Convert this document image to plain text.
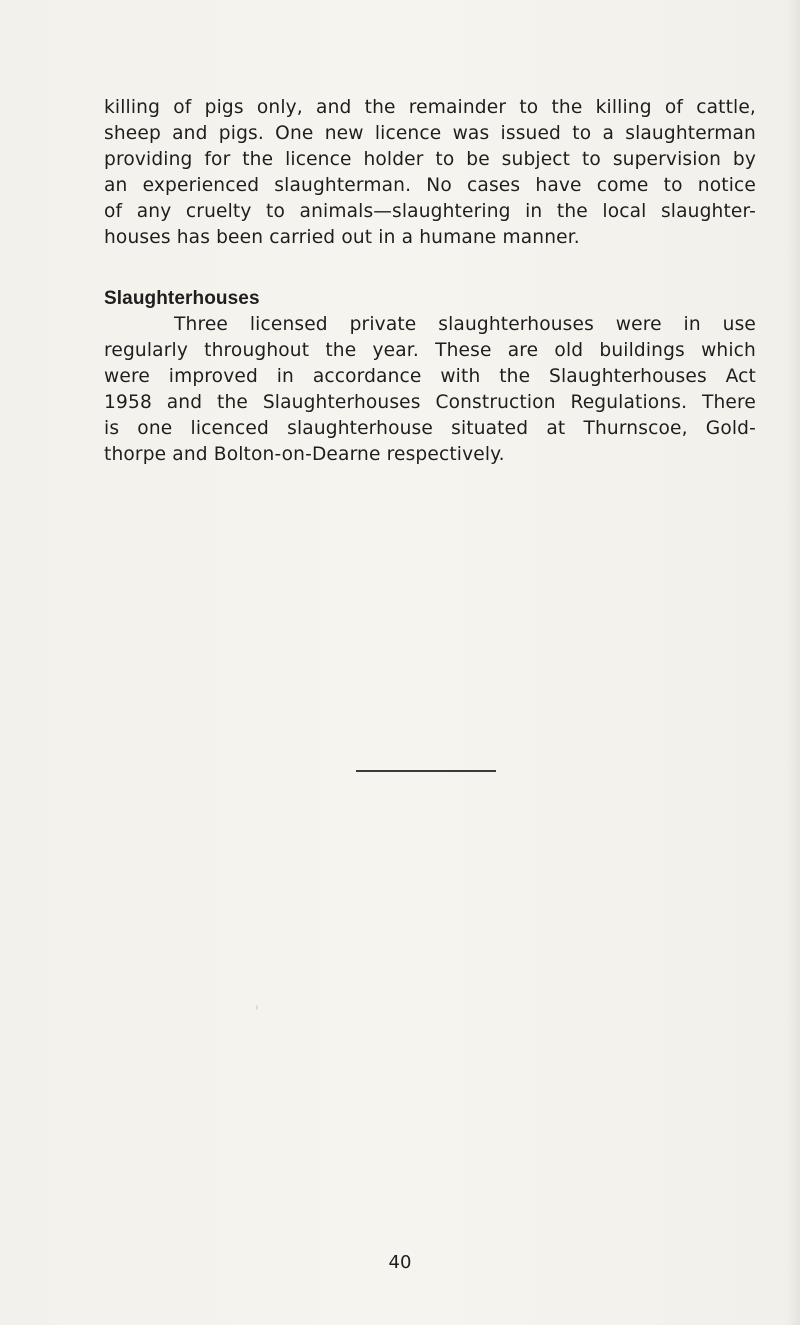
killing of pigs only, and the remainder to the killing of cattle,

sheep and pigs. One new licence was issued to a slaughterman

providing for the licence holder to be subject to supervision by

an experienced slaughterman. No cases have come to notice

of any cruelty to animals—slaughtering in the local slaughter-

houses has been carried out in a humane manner.

Slaughterhouses

Three licensed private slaughterhouses were in use

regularly throughout the year. These are old buildings which

were improved in accordance with the Slaughterhouses Act

1958 and the Slaughterhouses Construction Regulations. There

is one licenced slaughterhouse situated at Thurnscoe, Gold-

thorpe and Bolton-on-Dearne respectively.

'

40
